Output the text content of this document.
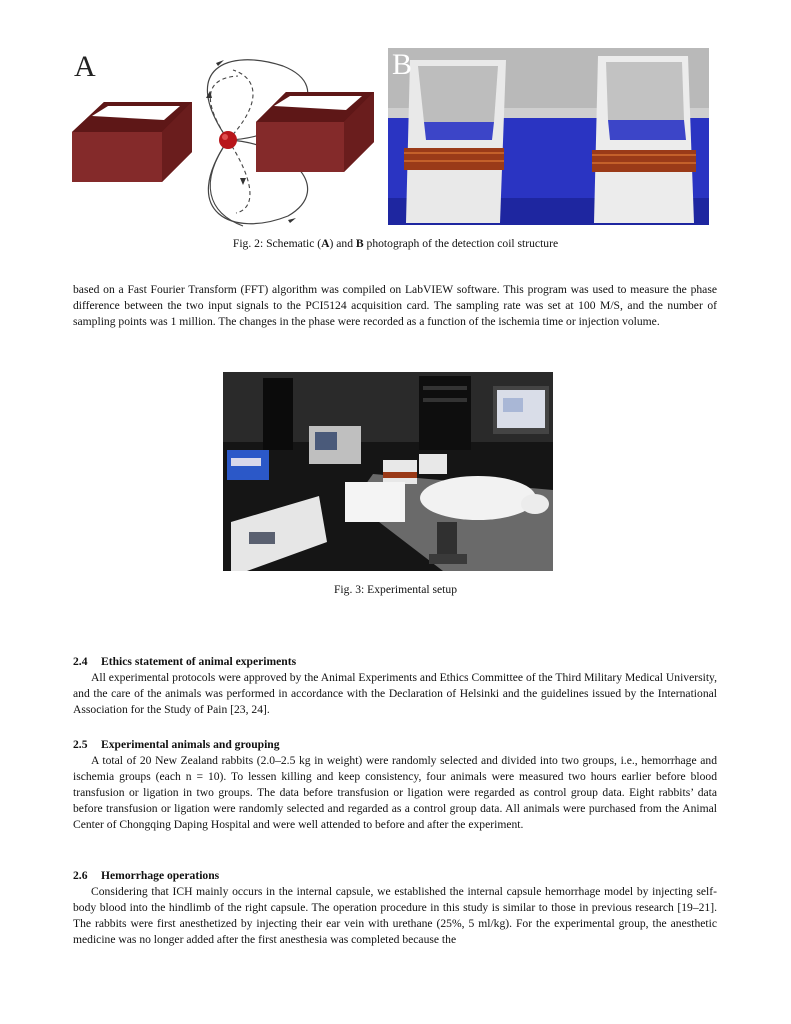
A	B
Fig. 2: Schematic (A) and B photograph of the detection coil structure

based on a Fast Fourier Transform (FFT) algorithm was compiled on LabVIEW software. This program was used to measure the phase difference between the two input signals to the PCI5124 acquisition card. The sampling rate was set at 100 M/S, and the number of sampling points was 1 million. The changes in the phase were recorded as a function of the ischemia time or injection volume.

Fig. 3: Experimental setup
2.4 Ethics statement of animal experiments

All experimental protocols were approved by the Animal Experiments and Ethics Committee of the Third Military Medical University, and the care of the animals was performed in accordance with the Declaration of Helsinki and the guidelines issued by the International Association for the Study of Pain [23, 24].

2.5 Experimental animals and grouping

A total of 20 New Zealand rabbits (2.0–2.5 kg in weight) were randomly selected and divided into two groups, i.e., hemorrhage and ischemia groups (each n = 10). To lessen killing and keep consistency, four animals were measured two hours earlier before blood transfusion or ligation in two groups. The data before transfusion or ligation were regarded as control group data. Eight rabbits’ data before transfusion or ligation were randomly selected and regarded as a control group data. All animals were purchased from the Animal Center of Chongqing Daping Hospital and were well attended to before and after the experiment.

2.6 Hemorrhage operations

Considering that ICH mainly occurs in the internal capsule, we established the internal capsule hemorrhage model by injecting self-body blood into the hindlimb of the right capsule. The operation procedure in this study is similar to those in previous research [19–21]. The rabbits were first anesthetized by injecting their ear vein with urethane (25%, 5 ml/kg). For the experimental group, the anesthetic medicine was no longer added after the first anesthesia was completed because the
